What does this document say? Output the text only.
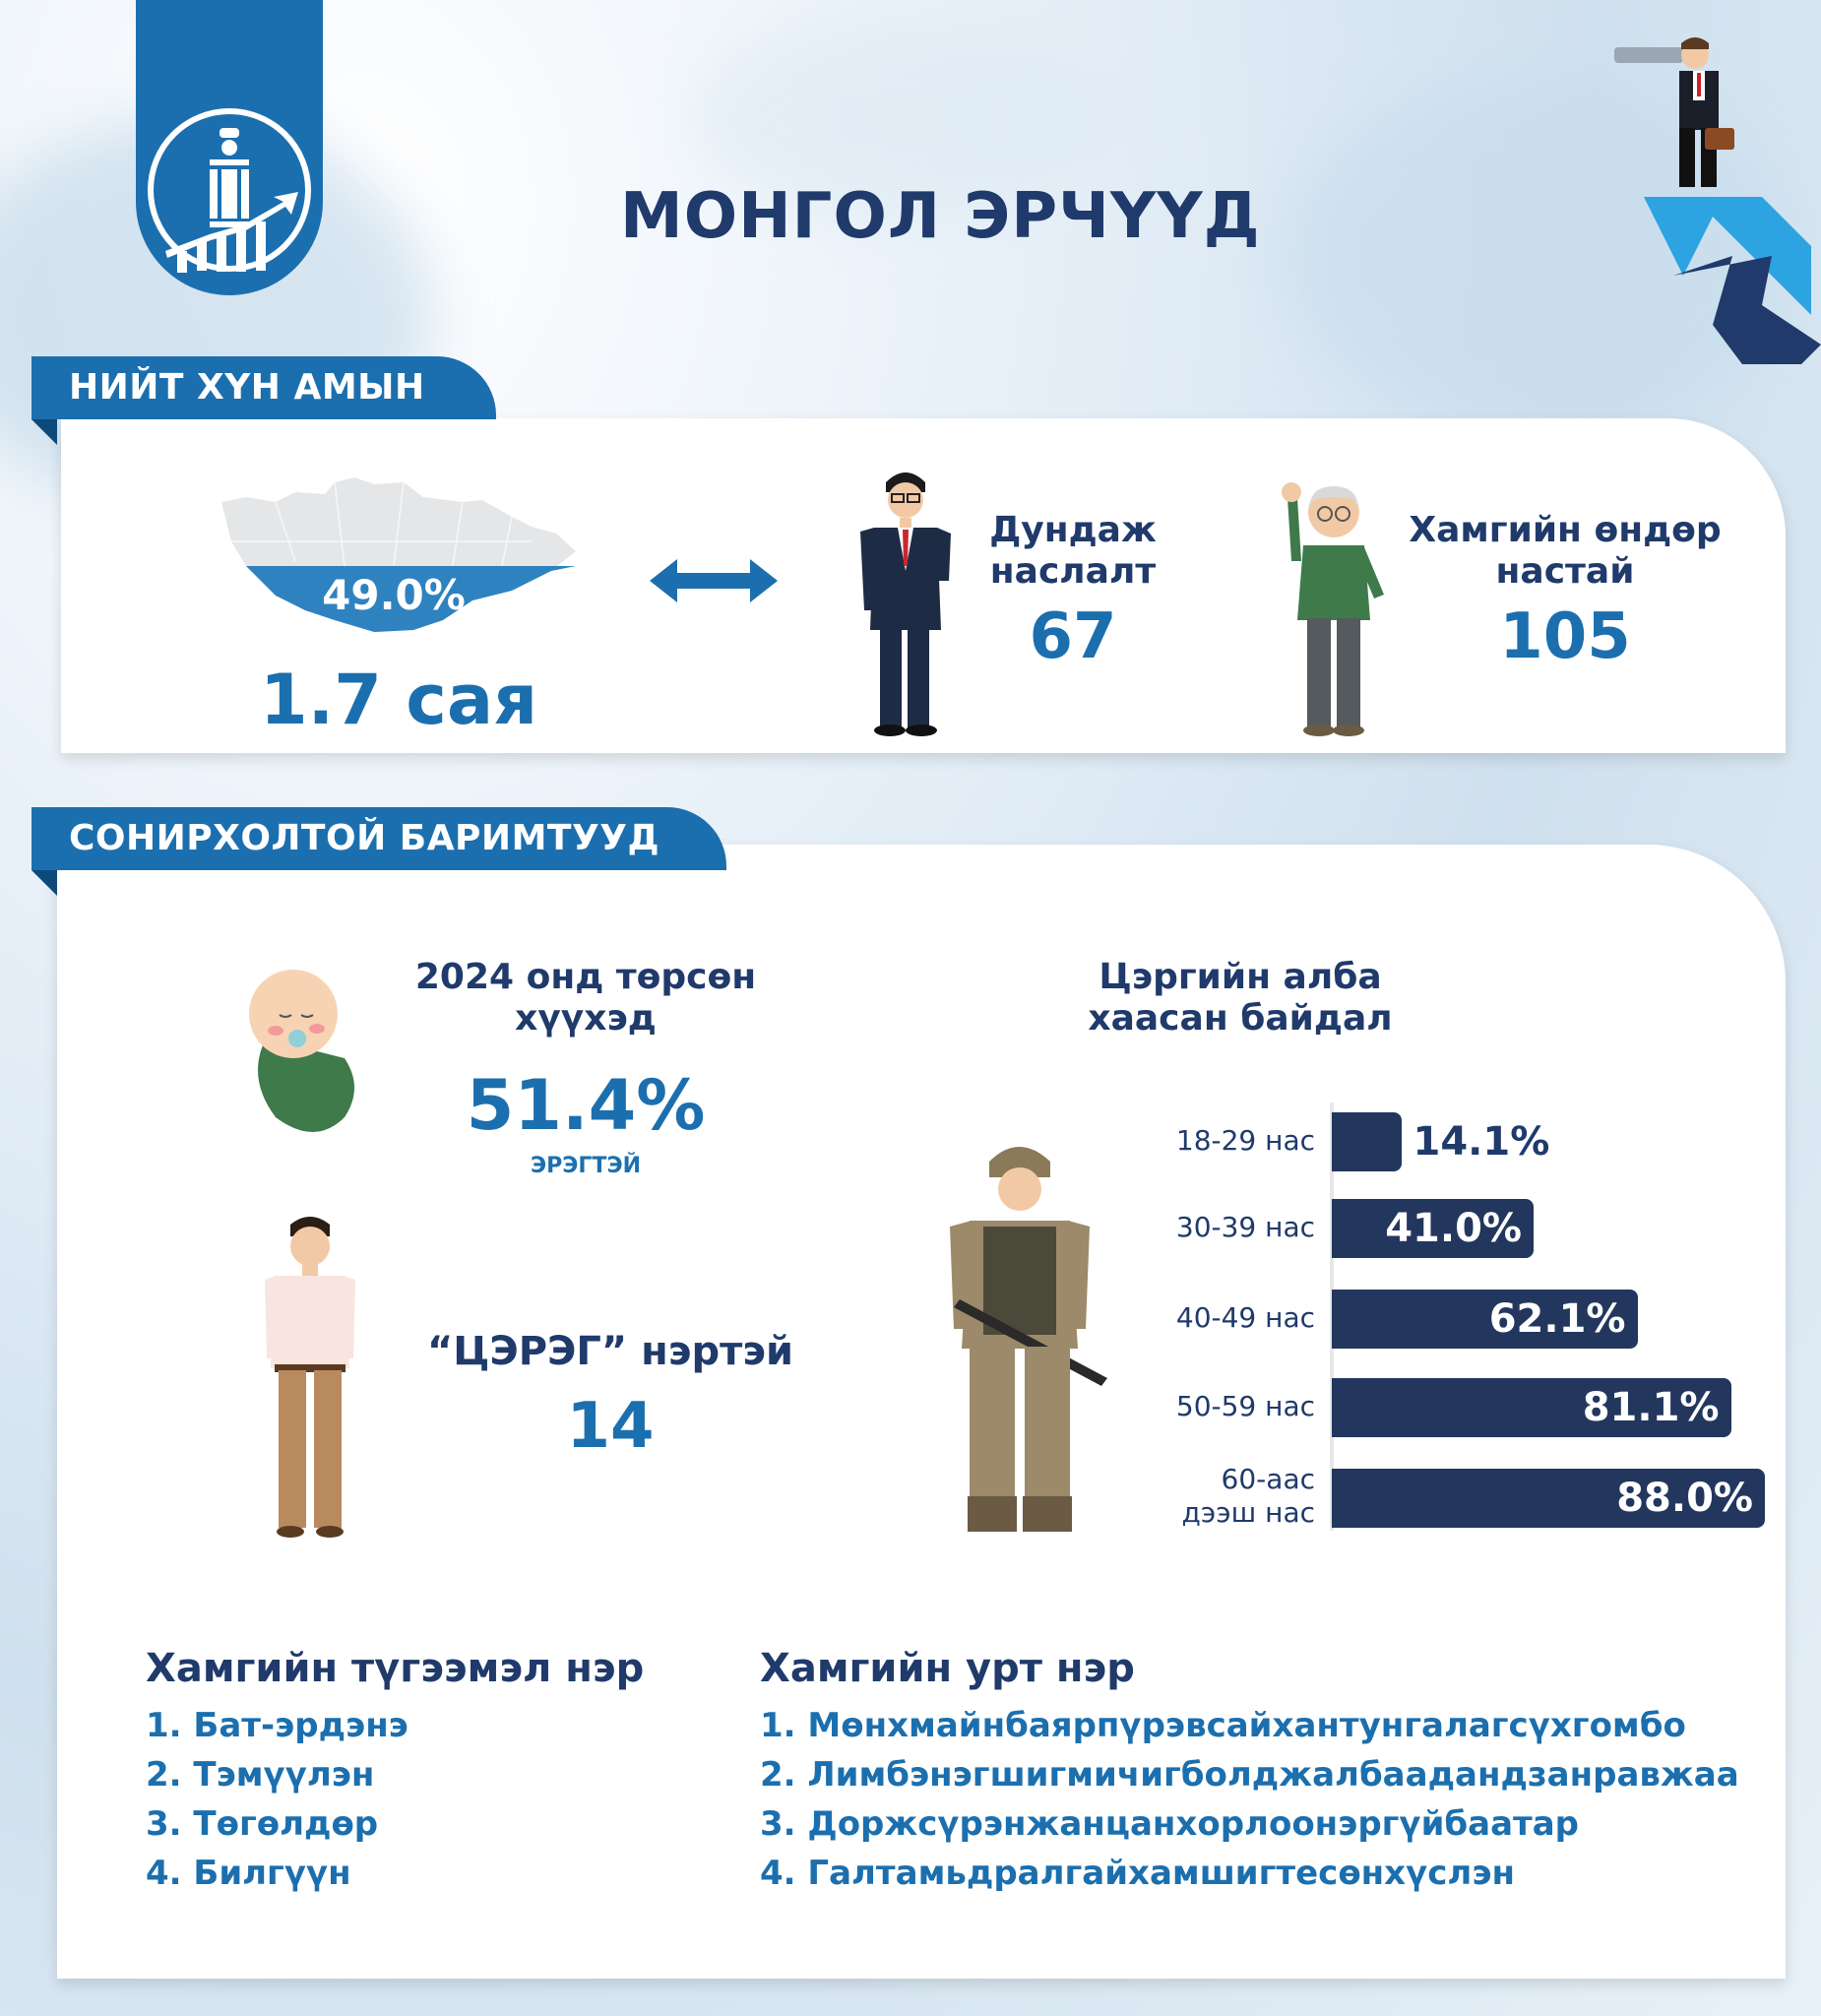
МОНГОЛ ЭРЧҮҮД
НИЙТ ХҮН АМЫН
49.0%
1.7 сая
Дундаж
наслалт
67
Хамгийн өндөр
настай
105
СОНИРХОЛТОЙ БАРИМТУУД
2024 онд төрсөн
хүүхэд
51.4%
ЭРЭГТЭЙ
“ЦЭРЭГ” нэртэй
14
Цэргийн алба
хаасан байдал
18-29 нас 14.1%
30-39 нас 41.0%
40-49 нас	62.1%
50-59 нас	81.1%
60-аас
дээш нас	88.0%
Хамгийн түгээмэл нэр
1. Бат-эрдэнэ
2. Тэмүүлэн
3. Төгөлдөр
4. Билгүүн
Хамгийн урт нэр
1. Мөнхмайнбаярпүрэвсайхантунгалагсүхгомбо
2. Лимбэнэгшигмичигболджалбаадандзанравжаа
3. Доржсүрэнжанцанхорлоонэргүйбаатар
4. Галтамьдралгайхамшигтесөнхүслэн
